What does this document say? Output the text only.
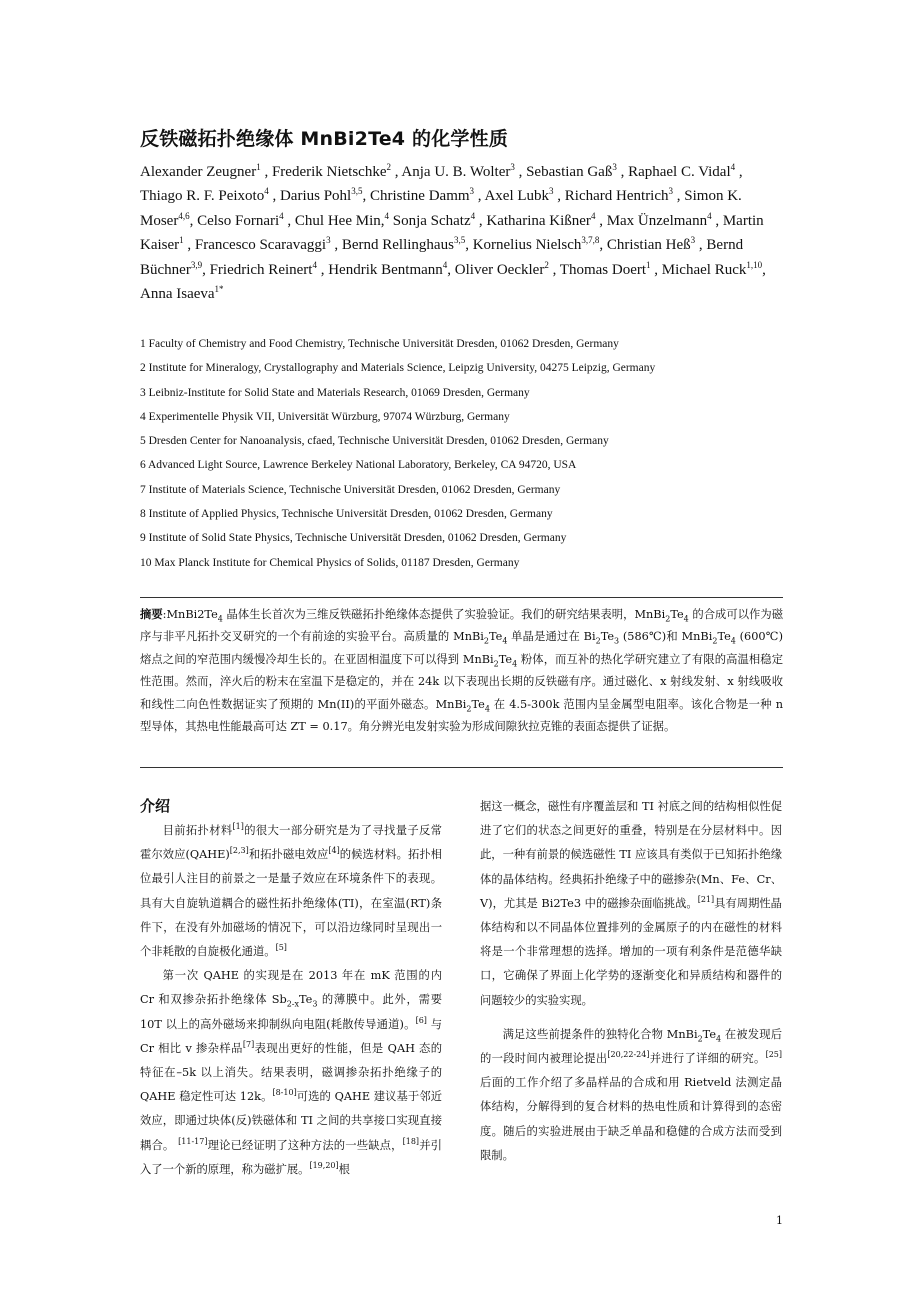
反铁磁拓扑绝缘体 MnBi2Te4 的化学性质
Alexander Zeugner$^1$ , Frederik Nietschke$^2$ , Anja U. B. Wolter$^3$ , Sebastian Gaß$^3$ , Raphael C. Vidal$^4$ , Thiago R. F. Peixoto$^4$ , Darius Pohl$^{3,5}$, Christine Damm$^3$ , Axel Lubk$^3$ , Richard Hentrich$^3$ , Simon K. Moser$^{4,6}$, Celso Fornari$^4$ , Chul Hee Min,$^4$ Sonja Schatz$^4$ , Katharina Kißner$^4$ , Max Ünzelmann$^4$ , Martin Kaiser$^1$ , Francesco Scaravaggi$^3$ , Bernd Rellinghaus$^{3,5}$, Kornelius Nielsch$^{3,7,8}$, Christian Heß$^3$ , Bernd Büchner$^{3,9}$, Friedrich Reinert$^4$ , Hendrik Bentmann$^4$, Oliver Oeckler$^2$ , Thomas Doert$^1$ , Michael Ruck$^{1,10}$, Anna Isaeva$^{1*}$
1 Faculty of Chemistry and Food Chemistry, Technische Universität Dresden, 01062 Dresden, Germany
2 Institute for Mineralogy, Crystallography and Materials Science, Leipzig University, 04275 Leipzig, Germany
3 Leibniz-Institute for Solid State and Materials Research, 01069 Dresden, Germany
4 Experimentelle Physik VII, Universität Würzburg, 97074 Würzburg, Germany
5 Dresden Center for Nanoanalysis, cfaed, Technische Universität Dresden, 01062 Dresden, Germany
6 Advanced Light Source, Lawrence Berkeley National Laboratory, Berkeley, CA 94720, USA
7 Institute of Materials Science, Technische Universität Dresden, 01062 Dresden, Germany
8 Institute of Applied Physics, Technische Universität Dresden, 01062 Dresden, Germany
9 Institute of Solid State Physics, Technische Universität Dresden, 01062 Dresden, Germany
10 Max Planck Institute for Chemical Physics of Solids, 01187 Dresden, Germany
摘要$:MnBi2Te_4$ 晶体生长首次为三维反铁磁拓扑绝缘体态提供了实验验证。我们的研究结果表明，$MnBi_2Te_4$ 的合成可以作为磁序与非平凡拓扑交叉研究的一个有前途的实验平台。高质量的 $MnBi_2Te_4$ 单晶是通过在 $Bi_2Te_3$ (586℃)和 $MnBi_2Te_4$ (600℃)熔点之间的窄范围内缓慢冷却生长的。在亚固相温度下可以得到 $MnBi_2Te_4$ 粉体，而互补的热化学研究建立了有限的高温相稳定性范围。然而，淬火后的粉末在室温下是稳定的，并在 24k 以下表现出长期的反铁磁有序。通过磁化、x 射线发射、x 射线吸收和线性二向色性数据证实了预期的 Mn(II)的平面外磁态。$MnBi_2Te_4$ 在 4.5-300k 范围内呈金属型电阻率。该化合物是一种 n 型导体，其热电性能最高可达 ZT = 0.17。角分辨光电发射实验为形成间隙狄拉克锥的表面态提供了证据。
介绍

目前拓扑材料[1]的很大一部分研究是为了寻找量子反常霍尔效应(QAHE)[2,3]和拓扑磁电效应[4]的候选材料。拓扑相位最引人注目的前景之一是量子效应在环境条件下的表现。具有大自旋轨道耦合的磁性拓扑绝缘体(TI)，在室温(RT)条件下，在没有外加磁场的情况下，可以沿边缘同时呈现出一个非耗散的自旋极化通道。[5]

第一次 QAHE 的实现是在 2013 年在 mK 范围的内 Cr 和双掺杂拓扑绝缘体 $Sb_{2-x}Te_3$ 的薄膜中。此外，需要 10T 以上的高外磁场来抑制纵向电阻(耗散传导通道)。[6] 与 Cr 相比 v 掺杂样品[7]表现出更好的性能，但是 QAH 态的特征在–5k 以上消失。结果表明，磁调掺杂拓扑绝缘子的 QAHE 稳定性可达 12k。[8-10]可选的 QAHE 建议基于邻近效应，即通过块体(反)铁磁体和 TI 之间的共享接口实现直接耦合。 [11-17]理论已经证明了这种方法的一些缺点，[18]并引入了一个新的原理，称为磁扩展。[19,20]根

据这一概念，磁性有序覆盖层和 TI 衬底之间的结构相似性促进了它们的状态之间更好的重叠，特别是在分层材料中。因此，一种有前景的候选磁性 TI 应该具有类似于已知拓扑绝缘体的晶体结构。经典拓扑绝缘子中的磁掺杂(Mn、Fe、Cr、V)，尤其是 Bi2Te3 中的磁掺杂面临挑战。[21]具有周期性晶体结构和以不同晶体位置排列的金属原子的内在磁性的材料将是一个非常理想的选择。增加的一项有利条件是范德华缺口，它确保了界面上化学势的逐渐变化和异质结构和器件的问题较少的实验实现。

满足这些前提条件的独特化合物 $MnBi_2Te_4$ 在被发现后的一段时间内被理论提出[20,22-24]并进行了详细的研究。[25]后面的工作介绍了多晶样品的合成和用 Rietveld 法测定晶体结构，分解得到的复合材料的热电性质和计算得到的态密度。随后的实验进展由于缺乏单晶和稳健的合成方法而受到限制。

1
